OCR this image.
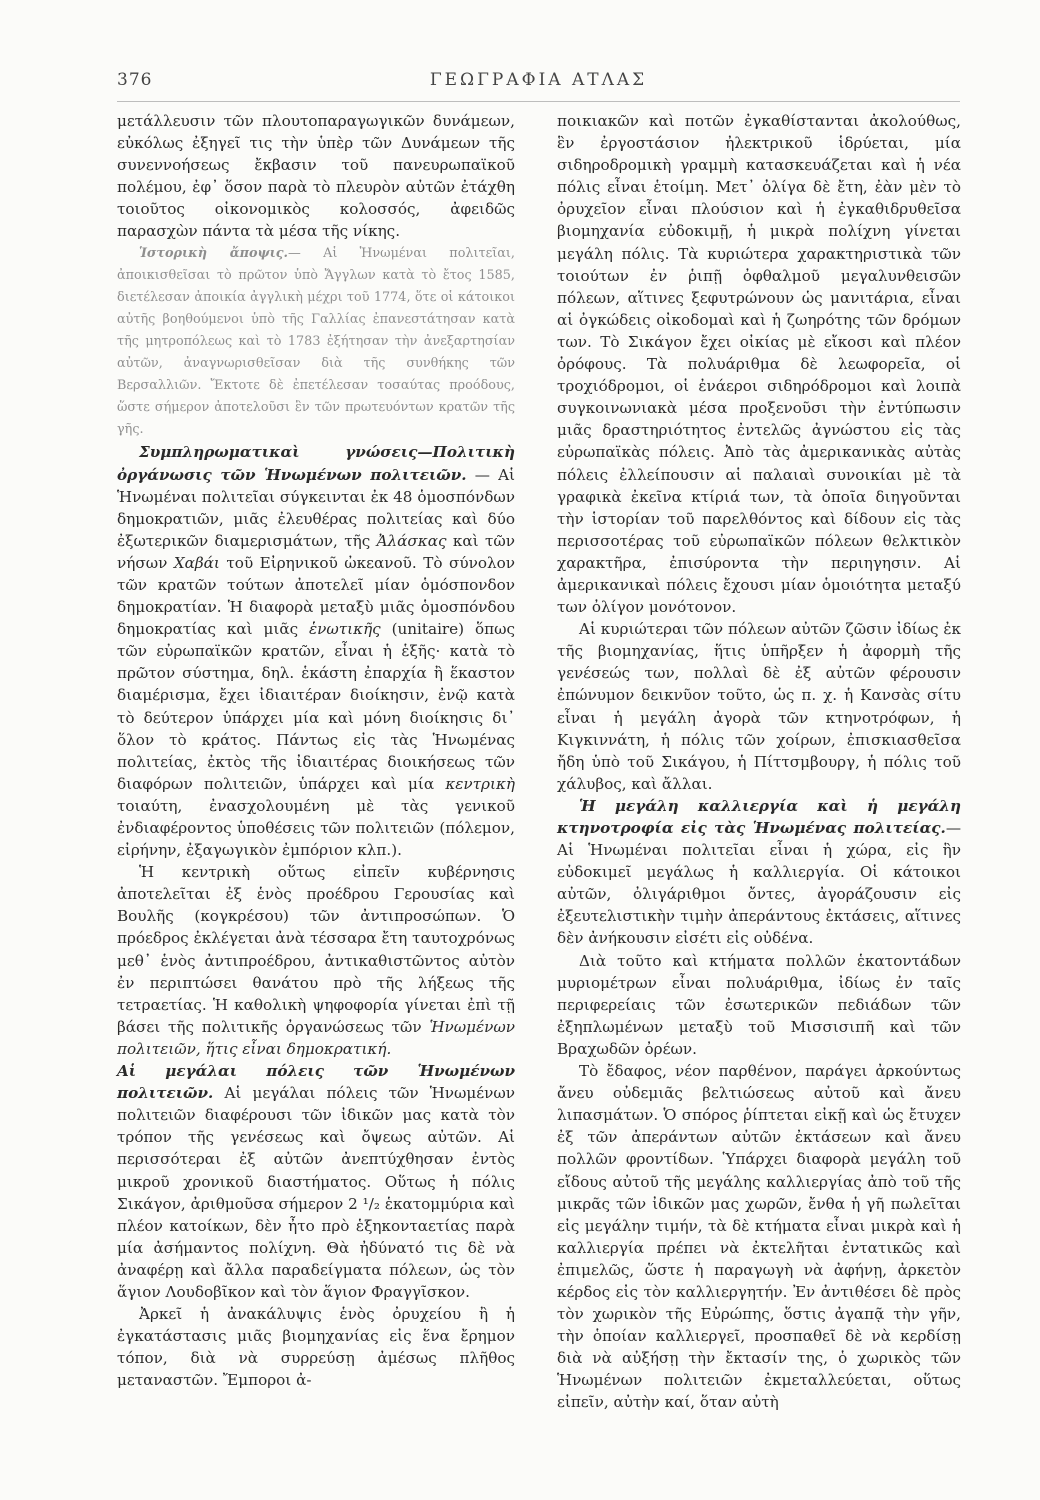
376	ΓΕΩΓΡΑΦΙΑ ΑΤΛΑΣ

μετάλλευσιν τῶν πλουτοπαραγωγικῶν δυνάμεων, εὐκόλως ἐξηγεῖ τις τὴν ὑπὲρ τῶν Δυνάμεων τῆς συνεννοήσεως ἔκβασιν τοῦ πανευρωπαϊκοῦ πολέμου, ἐφ᾽ ὅσον παρὰ τὸ πλευρὸν αὐτῶν ἐτάχθη τοιοῦτος οἰκονομικὸς κολοσσός, ἀφειδῶς παρασχὼν πάντα τὰ μέσα τῆς νίκης.

Ἱστορικὴ ἄποψις.— Αἱ Ἡνωμέναι πολιτεῖαι, ἀποικισθεῖσαι τὸ πρῶτον ὑπὸ Ἄγγλων κατὰ τὸ ἔτος 1585, διετέλεσαν ἀποικία ἀγγλικὴ μέχρι τοῦ 1774, ὅτε οἱ κάτοικοι αὐτῆς βοηθούμενοι ὑπὸ τῆς Γαλλίας ἐπανεστάτησαν κατὰ τῆς μητροπόλεως καὶ τὸ 1783 ἐξήτησαν τὴν ἀνεξαρτησίαν αὐτῶν, ἀναγνωρισθεῖσαν διὰ τῆς συνθήκης τῶν Βερσαλλιῶν. Ἔκτοτε δὲ ἐπετέλεσαν τοσαύτας προόδους, ὥστε σήμερον ἀποτελοῦσι ἓν τῶν πρωτευόντων κρατῶν τῆς γῆς.

Συμπληρωματικαὶ γνώσεις—Πολιτικὴ ὀργάνωσις τῶν Ἡνωμένων πολιτειῶν. — Αἱ Ἡνωμέναι πολιτεῖαι σύγκεινται ἐκ 48 ὁμοσπόνδων δημοκρατιῶν, μιᾶς ἐλευθέρας πολιτείας καὶ δύο ἐξωτερικῶν διαμερισμάτων, τῆς Ἀλάσκας καὶ τῶν νήσων Χαβάι τοῦ Εἰρηνικοῦ ὠκεανοῦ. Τὸ σύνολον τῶν κρατῶν τούτων ἀποτελεῖ μίαν ὁμόσπονδον δημοκρατίαν. Ἡ διαφορὰ μεταξὺ μιᾶς ὁμοσπόνδου δημοκρατίας καὶ μιᾶς ἑνωτικῆς (unitaire) ὅπως τῶν εὐρωπαϊκῶν κρατῶν, εἶναι ἡ ἑξῆς· κατὰ τὸ πρῶτον σύστημα, δηλ. ἑκάστη ἐπαρχία ἢ ἕκαστον διαμέρισμα, ἔχει ἰδιαιτέραν διοίκησιν, ἐνῷ κατὰ τὸ δεύτερον ὑπάρχει μία καὶ μόνη διοίκησις δι᾽ ὅλον τὸ κράτος. Πάντως εἰς τὰς Ἡνωμένας πολιτείας, ἐκτὸς τῆς ἰδιαιτέρας διοικήσεως τῶν διαφόρων πολιτειῶν, ὑπάρχει καὶ μία κεντρικὴ τοιαύτη, ἐνασχολουμένη μὲ τὰς γενικοῦ ἐνδιαφέροντος ὑποθέσεις τῶν πολιτειῶν (πόλεμον, εἰρήνην, ἐξαγωγικὸν ἐμπόριον κλπ.).

Ἡ κεντρικὴ οὕτως εἰπεῖν κυβέρνησις ἀποτελεῖται ἐξ ἑνὸς προέδρου Γερουσίας καὶ Βουλῆς (κογκρέσου) τῶν ἀντιπροσώπων. Ὁ πρόεδρος ἐκλέγεται ἀνὰ τέσσαρα ἔτη ταυτοχρόνως μεθ᾽ ἑνὸς ἀντιπροέδρου, ἀντικαθιστῶντος αὐτὸν ἐν περιπτώσει θανάτου πρὸ τῆς λήξεως τῆς τετραετίας. Ἡ καθολικὴ ψηφοφορία γίνεται ἐπὶ τῇ βάσει τῆς πολιτικῆς ὀργανώσεως τῶν Ἡνωμένων πολιτειῶν, ἥτις εἶναι δημοκρατική.

Αἱ μεγάλαι πόλεις τῶν Ἡνωμένων πολιτειῶν. Αἱ μεγάλαι πόλεις τῶν Ἡνωμένων πολιτειῶν διαφέρουσι τῶν ἰδικῶν μας κατὰ τὸν τρόπον τῆς γενέσεως καὶ ὄψεως αὐτῶν. Αἱ περισσότεραι ἐξ αὐτῶν ἀνεπτύχθησαν ἐντὸς μικροῦ χρονικοῦ διαστήματος. Οὕτως ἡ πόλις Σικάγον, ἀριθμοῦσα σήμερον 2 ¹/₂ ἑκατομμύρια καὶ πλέον κατοίκων, δὲν ἦτο πρὸ ἑξηκονταετίας παρὰ μία ἀσήμαντος πολίχνη. Θὰ ἠδύνατό τις δὲ νὰ ἀναφέρῃ καὶ ἄλλα παραδείγματα πόλεων, ὡς τὸν ἅγιον Λουδοβῖκον καὶ τὸν ἅγιον Φραγγῖσκον.

Ἀρκεῖ ἡ ἀνακάλυψις ἑνὸς ὀρυχείου ἢ ἡ ἐγκατάστασις μιᾶς βιομηχανίας εἰς ἕνα ἔρημον τόπον, διὰ νὰ συρρεύσῃ ἀμέσως πλῆθος μεταναστῶν. Ἔμποροι ἀ-

ποικιακῶν καὶ ποτῶν ἐγκαθίστανται ἀκολούθως, ἓν ἐργοστάσιον ἠλεκτρικοῦ ἱδρύεται, μία σιδηροδρομικὴ γραμμὴ κατασκευάζεται καὶ ἡ νέα πόλις εἶναι ἑτοίμη. Μετ᾽ ὀλίγα δὲ ἔτη, ἐὰν μὲν τὸ ὀρυχεῖον εἶναι πλούσιον καὶ ἡ ἐγκαθιδρυθεῖσα βιομηχανία εὐδοκιμῇ, ἡ μικρὰ πολίχνη γίνεται μεγάλη πόλις. Τὰ κυριώτερα χαρακτηριστικὰ τῶν τοιούτων ἐν ῥιπῇ ὀφθαλμοῦ μεγαλυνθεισῶν πόλεων, αἵτινες ξεφυτρώνουν ὡς μανιτάρια, εἶναι αἱ ὀγκώδεις οἰκοδομαὶ καὶ ἡ ζωηρότης τῶν δρόμων των. Τὸ Σικάγον ἔχει οἰκίας μὲ εἴκοσι καὶ πλέον ὀρόφους. Τὰ πολυάριθμα δὲ λεωφορεῖα, οἱ τροχιόδρομοι, οἱ ἐνάεροι σιδηρόδρομοι καὶ λοιπὰ συγκοινωνιακὰ μέσα προξενοῦσι τὴν ἐντύπωσιν μιᾶς δραστηριότητος ἐντελῶς ἀγνώστου εἰς τὰς εὐρωπαϊκὰς πόλεις. Ἀπὸ τὰς ἀμερικανικὰς αὐτὰς πόλεις ἐλλείπουσιν αἱ παλαιαὶ συνοικίαι μὲ τὰ γραφικὰ ἐκεῖνα κτίριά των, τὰ ὁποῖα διηγοῦνται τὴν ἱστορίαν τοῦ παρελθόντος καὶ δίδουν εἰς τὰς περισσοτέρας τοῦ εὐρωπαϊκῶν πόλεων θελκτικὸν χαρακτῆρα, ἐπισύροντα τὴν περιηγησιν. Αἱ ἀμερικανικαὶ πόλεις ἔχουσι μίαν ὁμοιότητα μεταξύ των ὀλίγον μονότονον.

Αἱ κυριώτεραι τῶν πόλεων αὐτῶν ζῶσιν ἰδίως ἐκ τῆς βιομηχανίας, ἥτις ὑπῆρξεν ἡ ἀφορμὴ τῆς γενέσεώς των, πολλαὶ δὲ ἐξ αὐτῶν φέρουσιν ἐπώνυμον δεικνῦον τοῦτο, ὡς π. χ. ἡ Κανσὰς σίτυ εἶναι ἡ μεγάλη ἀγορὰ τῶν κτηνοτρόφων, ἡ Κιγκιννάτη, ἡ πόλις τῶν χοίρων, ἐπισκιασθεῖσα ἤδη ὑπὸ τοῦ Σικάγου, ἡ Πίττσμβουργ, ἡ πόλις τοῦ χάλυβος, καὶ ἄλλαι.

Ἡ μεγάλη καλλιεργία καὶ ἡ μεγάλη κτηνοτροφία εἰς τὰς Ἡνωμένας πολιτείας.—Αἱ Ἡνωμέναι πολιτεῖαι εἶναι ἡ χώρα, εἰς ἣν εὐδοκιμεῖ μεγάλως ἡ καλλιεργία. Οἱ κάτοικοι αὐτῶν, ὀλιγάριθμοι ὄντες, ἀγοράζουσιν εἰς ἐξευτελιστικὴν τιμὴν ἀπεράντους ἐκτάσεις, αἵτινες δὲν ἀνήκουσιν εἰσέτι εἰς οὐδένα.

Διὰ τοῦτο καὶ κτήματα πολλῶν ἑκατοντάδων μυριομέτρων εἶναι πολυάριθμα, ἰδίως ἐν ταῖς περιφερείαις τῶν ἐσωτερικῶν πεδιάδων τῶν ἐξηπλωμένων μεταξὺ τοῦ Μισσισιπῆ καὶ τῶν Βραχωδῶν ὀρέων.

Τὸ ἔδαφος, νέον παρθένον, παράγει ἀρκούντως ἄνευ οὐδεμιᾶς βελτιώσεως αὐτοῦ καὶ ἄνευ λιπασμάτων. Ὁ σπόρος ῥίπτεται εἰκῇ καὶ ὡς ἔτυχεν ἐξ τῶν ἀπεράντων αὐτῶν ἐκτάσεων καὶ ἄνευ πολλῶν φροντίδων. Ὑπάρχει διαφορὰ μεγάλη τοῦ εἴδους αὐτοῦ τῆς μεγάλης καλλιεργίας ἀπὸ τοῦ τῆς μικρᾶς τῶν ἰδικῶν μας χωρῶν, ἔνθα ἡ γῆ πωλεῖται εἰς μεγάλην τιμήν, τὰ δὲ κτήματα εἶναι μικρὰ καὶ ἡ καλλιεργία πρέπει νὰ ἐκτελῆται ἐντατικῶς καὶ ἐπιμελῶς, ὥστε ἡ παραγωγὴ νὰ ἀφήνῃ, ἀρκετὸν κέρδος εἰς τὸν καλλιεργητήν. Ἐν ἀντιθέσει δὲ πρὸς τὸν χωρικὸν τῆς Εὐρώπης, ὅστις ἀγαπᾷ τὴν γῆν, τὴν ὁποίαν καλλιεργεῖ, προσπαθεῖ δὲ νὰ κερδίσῃ διὰ νὰ αὐξήσῃ τὴν ἔκτασίν της, ὁ χωρικὸς τῶν Ἡνωμένων πολιτειῶν ἐκμεταλλεύεται, οὕτως εἰπεῖν, αὐτὴν καί, ὅταν αὐτὴ
